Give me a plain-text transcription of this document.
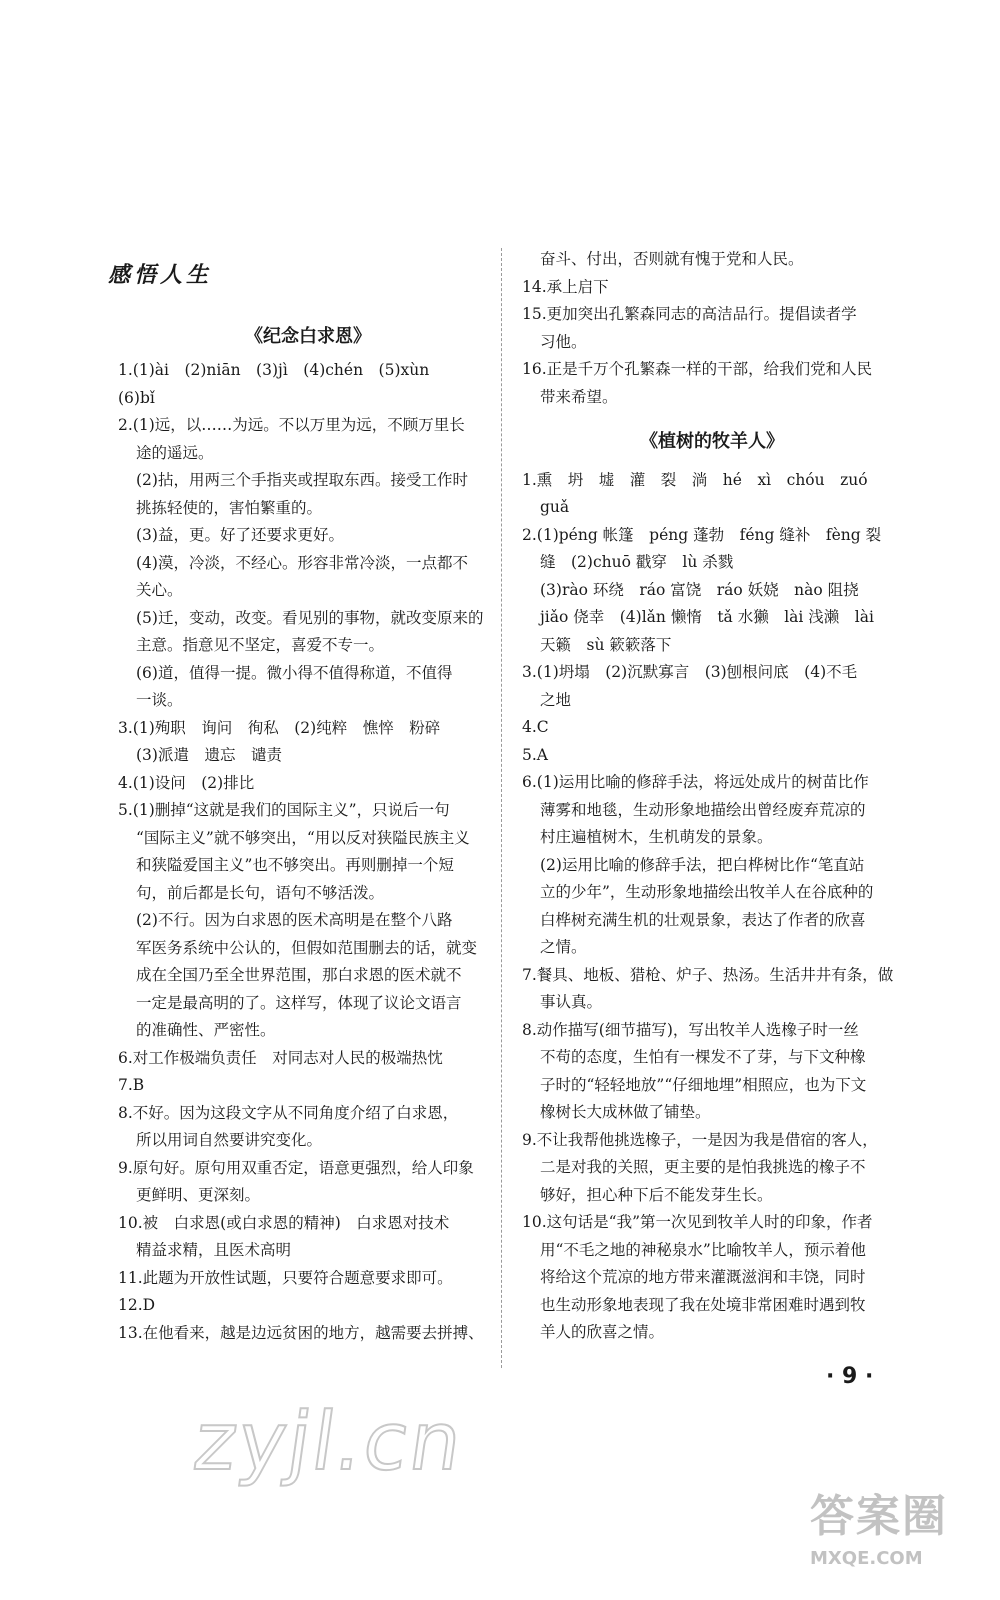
感悟人生
《纪念白求恩》
1.(1)ài　(2)niān　(3)jì　(4)chén　(5)xùn
(6)bǐ
2.(1)远，以……为远。不以万里为远，不顾万里长
途的遥远。
(2)拈，用两三个手指夹或捏取东西。接受工作时
挑拣轻使的，害怕繁重的。
(3)益，更。好了还要求更好。
(4)漠，冷淡，不经心。形容非常冷淡，一点都不
关心。
(5)迁，变动，改变。看见别的事物，就改变原来的
主意。指意见不坚定，喜爱不专一。
(6)道，值得一提。微小得不值得称道，不值得
一谈。
3.(1)殉职　询问　徇私　(2)纯粹　憔悴　粉碎
(3)派遣　遗忘　谴责
4.(1)设问　(2)排比
5.(1)删掉“这就是我们的国际主义”，只说后一句
“国际主义”就不够突出，“用以反对狭隘民族主义
和狭隘爱国主义”也不够突出。再则删掉一个短
句，前后都是长句，语句不够活泼。
(2)不行。因为白求恩的医术高明是在整个八路
军医务系统中公认的，但假如范围删去的话，就变
成在全国乃至全世界范围，那白求恩的医术就不
一定是最高明的了。这样写，体现了议论文语言
的准确性、严密性。
6.对工作极端负责任　对同志对人民的极端热忱
7.B
8.不好。因为这段文字从不同角度介绍了白求恩，
所以用词自然要讲究变化。
9.原句好。原句用双重否定，语意更强烈，给人印象
更鲜明、更深刻。
10.被　白求恩(或白求恩的精神)　白求恩对技术
精益求精，且医术高明
11.此题为开放性试题，只要符合题意要求即可。
12.D
13.在他看来，越是边远贫困的地方，越需要去拼搏、
《植树的牧羊人》
奋斗、付出，否则就有愧于党和人民。
14.承上启下
15.更加突出孔繁森同志的高洁品行。提倡读者学
习他。
16.正是千万个孔繁森一样的干部，给我们党和人民
带来希望。
1.熏　坍　墟　灌　裂　淌　hé　xì　chóu　zuó
guǎ
2.(1)péng 帐篷　péng 蓬勃　féng 缝补　fèng 裂
缝　(2)chuō 戳穿　lù 杀戮
(3)rào 环绕　ráo 富饶　ráo 妖娆　nào 阻挠
jiǎo 侥幸　(4)lǎn 懒惰　tǎ 水獭　lài 浅濑　lài
天籁　sù 簌簌落下
3.(1)坍塌　(2)沉默寡言　(3)刨根问底　(4)不毛
之地
4.C
5.A
6.(1)运用比喻的修辞手法，将远处成片的树苗比作
薄雾和地毯，生动形象地描绘出曾经废弃荒凉的
村庄遍植树木，生机萌发的景象。
(2)运用比喻的修辞手法，把白桦树比作“笔直站
立的少年”，生动形象地描绘出牧羊人在谷底种的
白桦树充满生机的壮观景象，表达了作者的欣喜
之情。
7.餐具、地板、猎枪、炉子、热汤。生活井井有条，做
事认真。
8.动作描写(细节描写)，写出牧羊人选橡子时一丝
不苟的态度，生怕有一棵发不了芽，与下文种橡
子时的“轻轻地放”“仔细地埋”相照应，也为下文
橡树长大成林做了铺垫。
9.不让我帮他挑选橡子，一是因为我是借宿的客人，
二是对我的关照，更主要的是怕我挑选的橡子不
够好，担心种下后不能发芽生长。
10.这句话是“我”第一次见到牧羊人时的印象，作者
用“不毛之地的神秘泉水”比喻牧羊人，预示着他
将给这个荒凉的地方带来灌溉滋润和丰饶，同时
也生动形象地表现了我在处境非常困难时遇到牧
羊人的欣喜之情。
· 9 ·
zyjl.cn
答案圈
MXQE.COM
